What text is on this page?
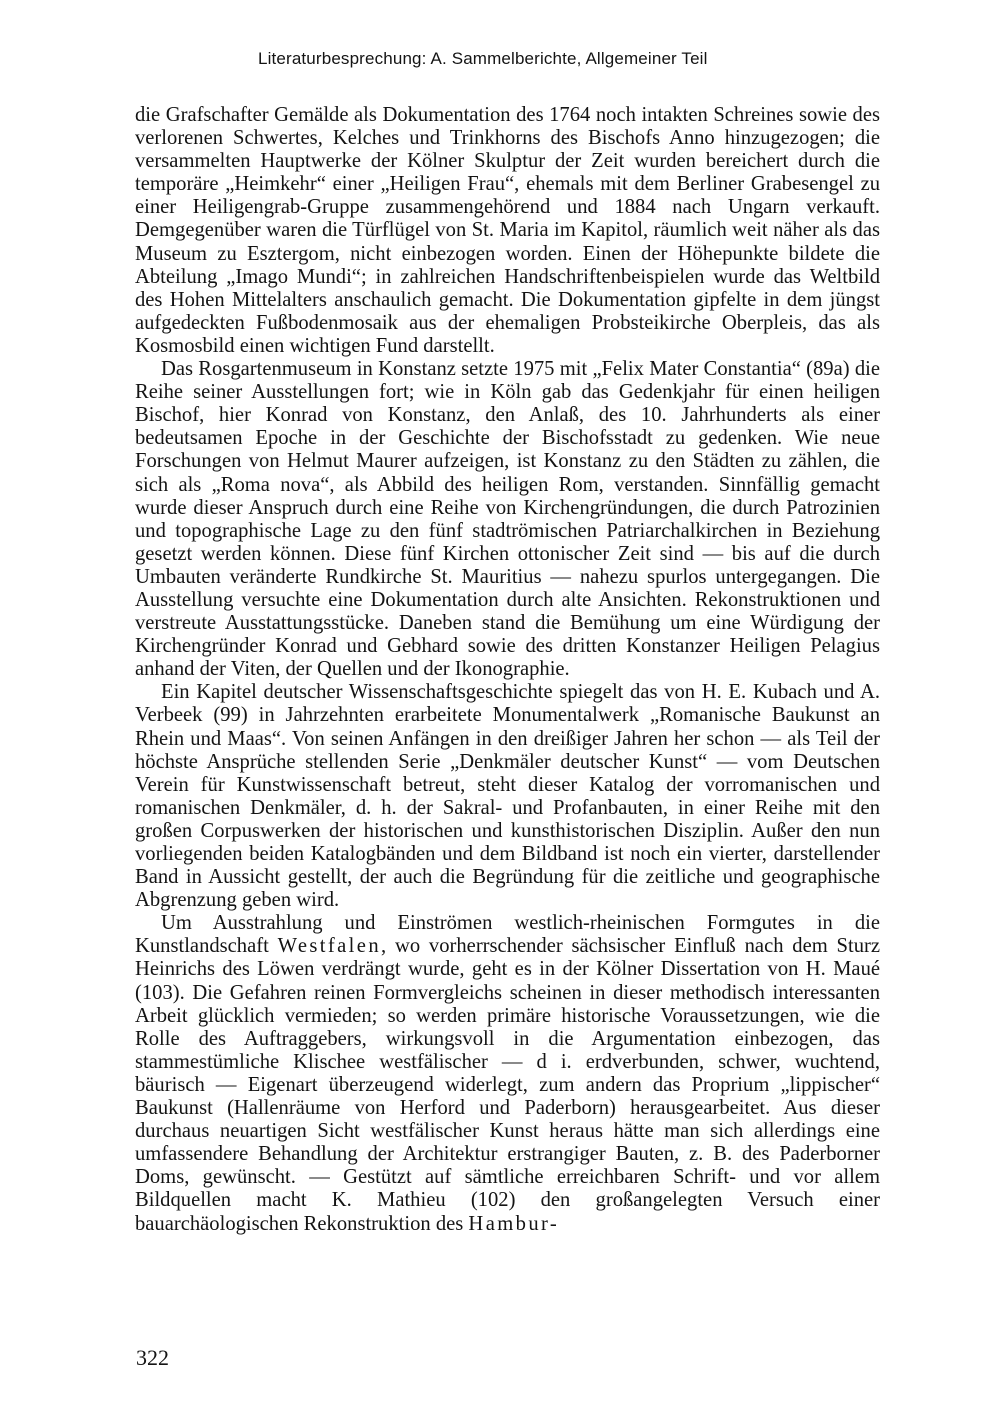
Literaturbesprechung: A. Sammelberichte, Allgemeiner Teil

die Grafschafter Gemälde als Dokumentation des 1764 noch intakten Schreines sowie des verlorenen Schwertes, Kelches und Trinkhorns des Bischofs Anno hinzugezogen; die versammelten Hauptwerke der Kölner Skulptur der Zeit wurden bereichert durch die temporäre „Heimkehr“ einer „Heiligen Frau“, ehemals mit dem Berliner Grabesengel zu einer Heiligengrab-Gruppe zusammengehörend und 1884 nach Ungarn verkauft. Demgegenüber waren die Türflügel von St. Maria im Kapitol, räumlich weit näher als das Museum zu Esztergom, nicht einbezogen worden. Einen der Höhepunkte bildete die Abteilung „Imago Mundi“; in zahlreichen Handschriftenbeispielen wurde das Weltbild des Hohen Mittelalters anschaulich gemacht. Die Dokumentation gipfelte in dem jüngst aufgedeckten Fußbodenmosaik aus der ehemaligen Probsteikirche Oberpleis, das als Kosmosbild einen wichtigen Fund darstellt.

Das Rosgartenmuseum in Konstanz setzte 1975 mit „Felix Mater Constantia“ (89a) die Reihe seiner Ausstellungen fort; wie in Köln gab das Gedenkjahr für einen heiligen Bischof, hier Konrad von Konstanz, den Anlaß, des 10. Jahrhunderts als einer bedeutsamen Epoche in der Geschichte der Bischofsstadt zu gedenken. Wie neue Forschungen von Helmut Maurer aufzeigen, ist Konstanz zu den Städten zu zählen, die sich als „Roma nova“, als Abbild des heiligen Rom, verstanden. Sinnfällig gemacht wurde dieser Anspruch durch eine Reihe von Kirchengründungen, die durch Patrozinien und topographische Lage zu den fünf stadtrömischen Patriarchalkirchen in Beziehung gesetzt werden können. Diese fünf Kirchen ottonischer Zeit sind — bis auf die durch Umbauten veränderte Rundkirche St. Mauritius — nahezu spurlos untergegangen. Die Ausstellung versuchte eine Dokumentation durch alte Ansichten. Rekonstruktionen und verstreute Ausstattungsstücke. Daneben stand die Bemühung um eine Würdigung der Kirchengründer Konrad und Gebhard sowie des dritten Konstanzer Heiligen Pelagius anhand der Viten, der Quellen und der Ikonographie.

Ein Kapitel deutscher Wissenschaftsgeschichte spiegelt das von H. E. Kubach und A. Verbeek (99) in Jahrzehnten erarbeitete Monumentalwerk „Romanische Baukunst an Rhein und Maas“. Von seinen Anfängen in den dreißiger Jahren her schon — als Teil der höchste Ansprüche stellenden Serie „Denkmäler deutscher Kunst“ — vom Deutschen Verein für Kunstwissenschaft betreut, steht dieser Katalog der vorromanischen und romanischen Denkmäler, d. h. der Sakral- und Profanbauten, in einer Reihe mit den großen Corpuswerken der historischen und kunsthistorischen Disziplin. Außer den nun vorliegenden beiden Katalogbänden und dem Bildband ist noch ein vierter, darstellender Band in Aussicht gestellt, der auch die Begründung für die zeitliche und geographische Abgrenzung geben wird.

Um Ausstrahlung und Einströmen westlich-rheinischen Formgutes in die Kunstlandschaft Westfalen, wo vorherrschender sächsischer Einfluß nach dem Sturz Heinrichs des Löwen verdrängt wurde, geht es in der Kölner Dissertation von H. Maué (103). Die Gefahren reinen Formvergleichs scheinen in dieser methodisch interessanten Arbeit glücklich vermieden; so werden primäre historische Voraussetzungen, wie die Rolle des Auftraggebers, wirkungsvoll in die Argumentation einbezogen, das stammestümliche Klischee westfälischer — d i. erdverbunden, schwer, wuchtend, bäurisch — Eigenart überzeugend widerlegt, zum andern das Proprium „lippischer“ Baukunst (Hallenräume von Herford und Paderborn) herausgearbeitet. Aus dieser durchaus neuartigen Sicht westfälischer Kunst heraus hätte man sich allerdings eine umfassendere Behandlung der Architektur erstrangiger Bauten, z. B. des Paderborner Doms, gewünscht. — Gestützt auf sämtliche erreichbaren Schrift- und vor allem Bildquellen macht K. Mathieu (102) den großangelegten Versuch einer bauarchäologischen Rekonstruktion des Hambur-

322
